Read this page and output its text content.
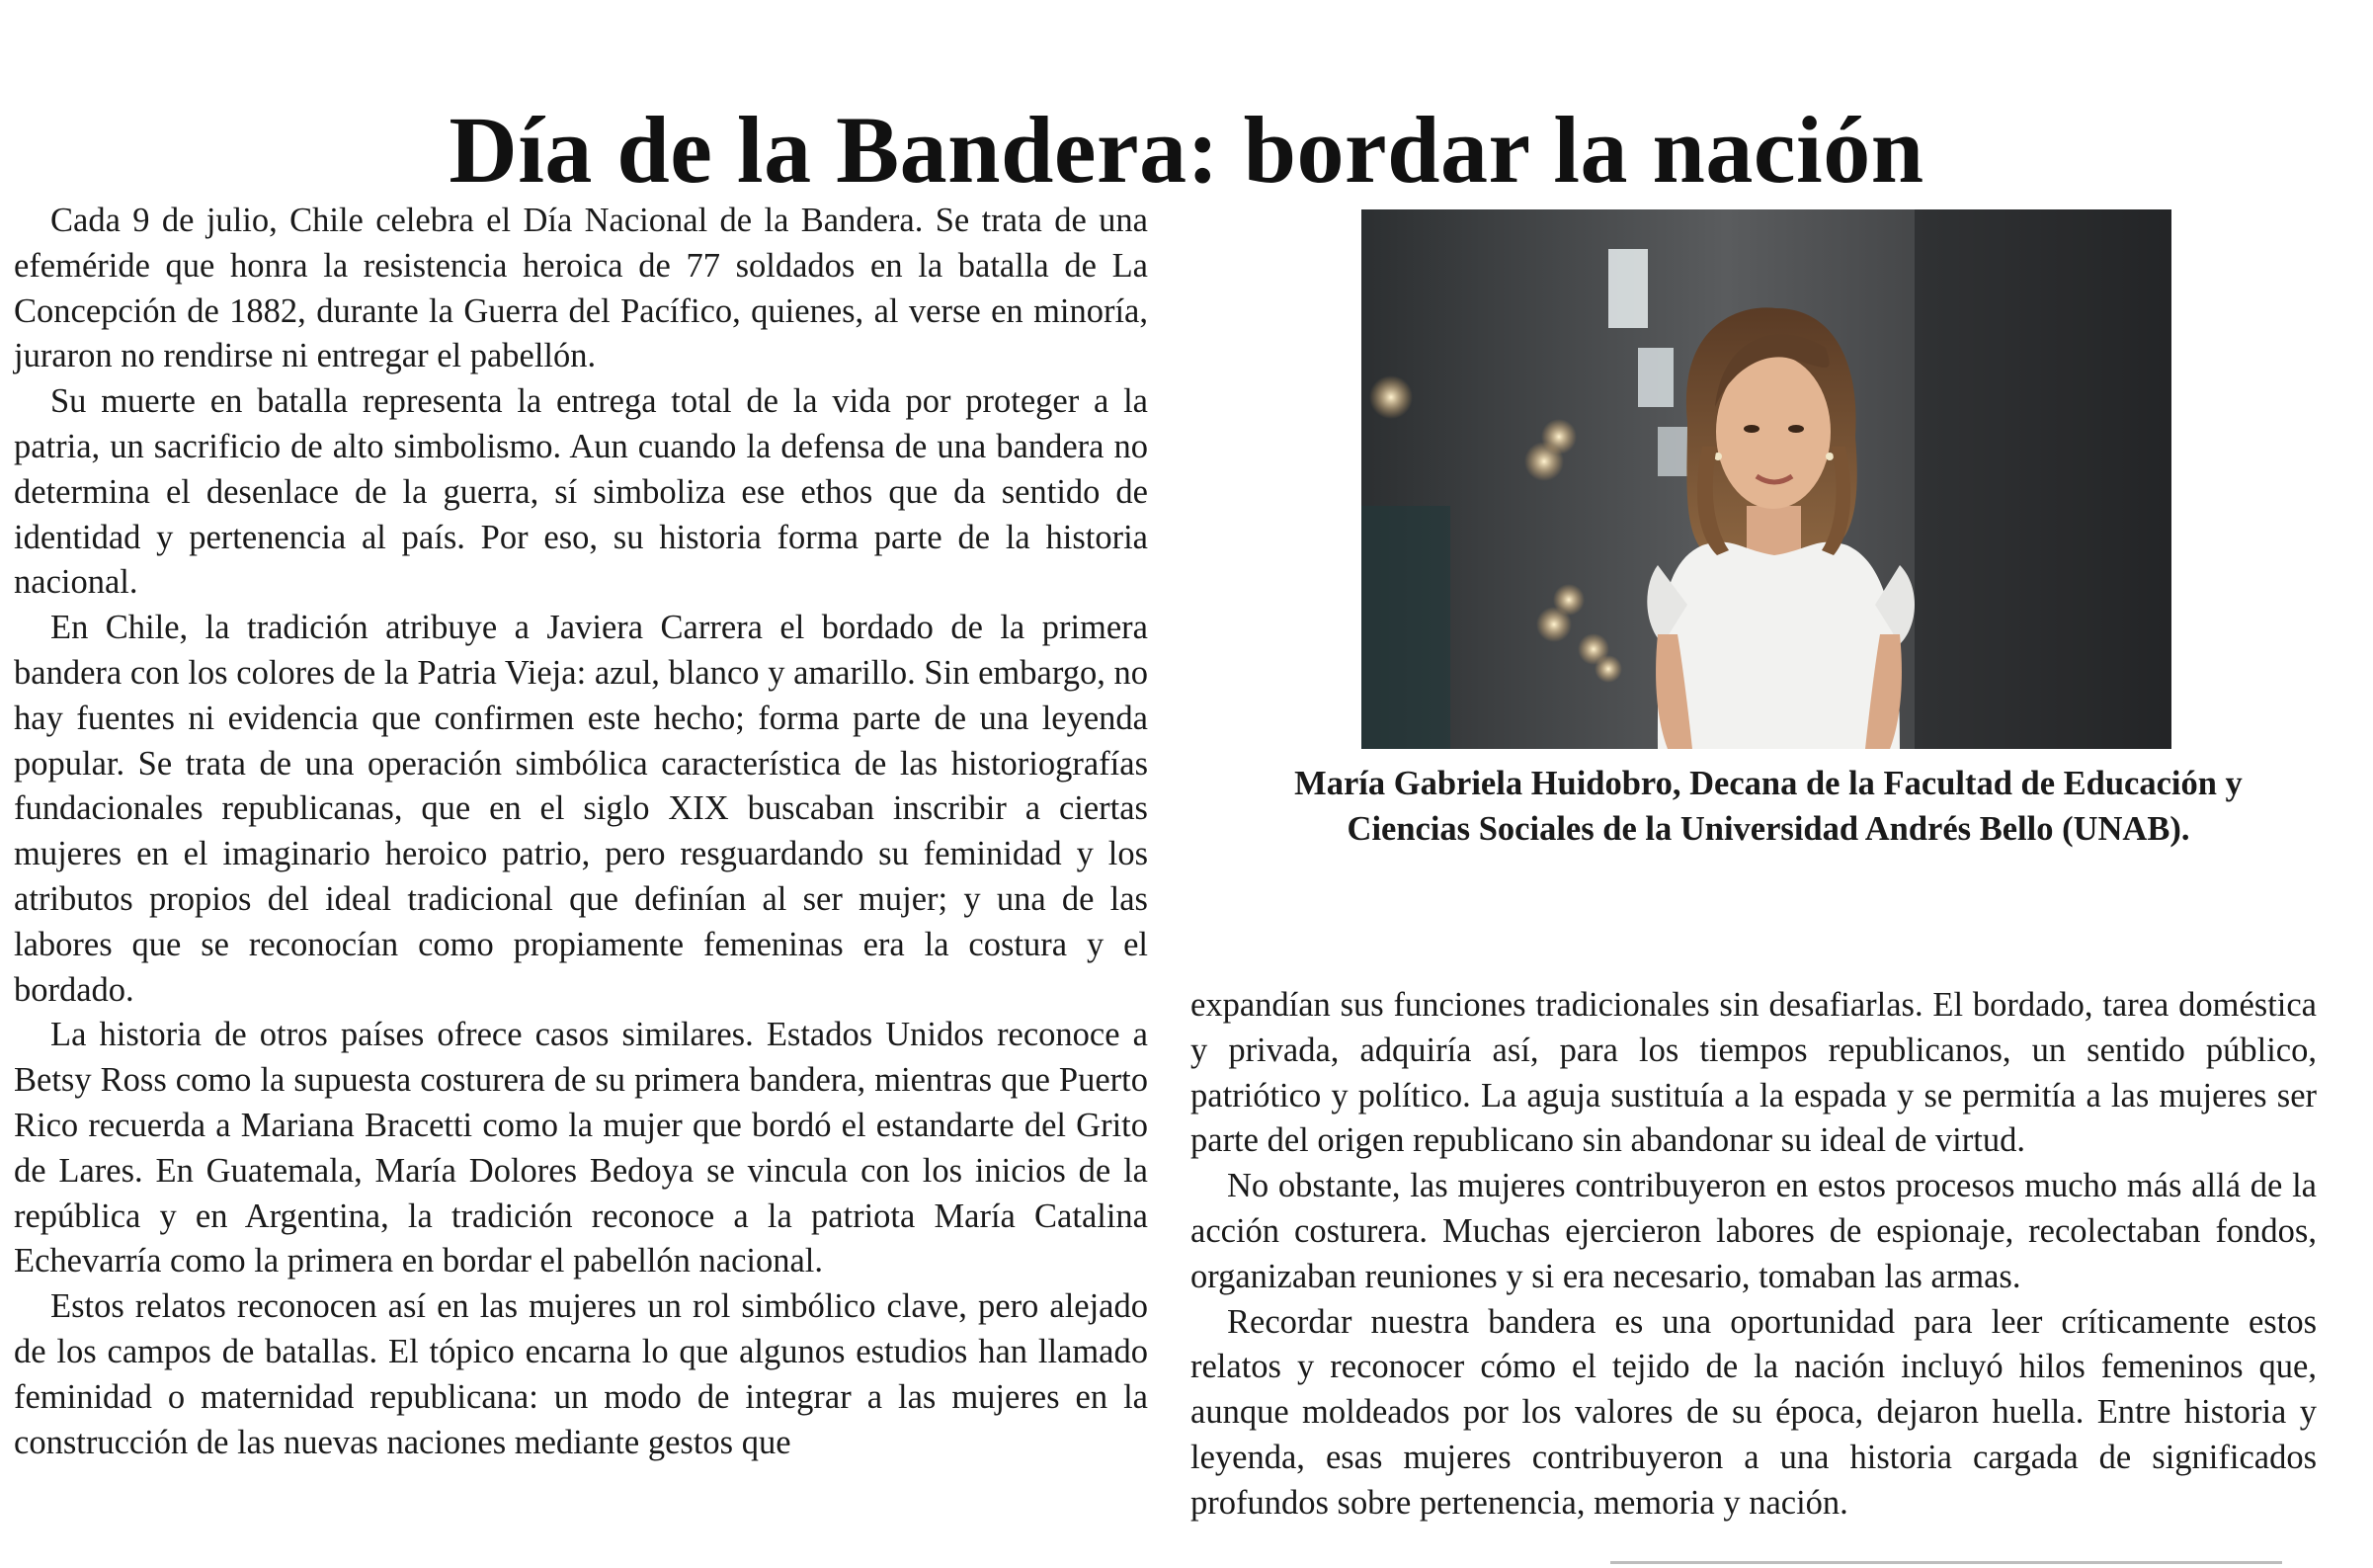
Día de la Bandera: bordar la nación

Cada 9 de julio, Chile celebra el Día Nacional de la Bandera. Se trata de una efeméride que honra la resistencia heroica de 77 soldados en la batalla de La Concepción de 1882, durante la Guerra del Pacífico, quienes, al verse en minoría, juraron no rendirse ni entregar el pabellón.

Su muerte en batalla representa la entrega total de la vida por proteger a la patria, un sacrificio de alto simbolismo. Aun cuando la defensa de una bandera no determina el desenlace de la guerra, sí simboliza ese ethos que da sentido de identidad y pertenencia al país. Por eso, su historia forma parte de la historia nacional.

En Chile, la tradición atribuye a Javiera Carrera el bordado de la primera bandera con los colores de la Patria Vieja: azul, blanco y amarillo. Sin embargo, no hay fuentes ni evidencia que confirmen este hecho; forma parte de una leyenda popular. Se trata de una operación simbólica característica de las historiografías fundacionales republicanas, que en el siglo XIX buscaban inscribir a ciertas mujeres en el imaginario heroico patrio, pero resguardando su feminidad y los atributos propios del ideal tradicional que definían al ser mujer; y una de las labores que se reconocían como propiamente femeninas era la costura y el bordado.

La historia de otros países ofrece casos similares. Estados Unidos reconoce a Betsy Ross como la supuesta costurera de su primera bandera, mientras que Puerto Rico recuerda a Mariana Bracetti como la mujer que bordó el estandarte del Grito de Lares. En Guatemala, María Dolores Bedoya se vincula con los inicios de la república y en Argentina, la tradición reconoce a la patriota María Catalina Echevarría como la primera en bordar el pabellón nacional.

Estos relatos reconocen así en las mujeres un rol simbólico clave, pero alejado de los campos de batallas. El tópico encarna lo que algunos estudios han llamado feminidad o maternidad republicana: un modo de integrar a las mujeres en la construcción de las nuevas naciones mediante gestos que

María Gabriela Huidobro, Decana de la Facultad de Educación y Ciencias Sociales de la Universidad Andrés Bello (UNAB).

expandían sus funciones tradicionales sin desafiarlas. El bordado, tarea doméstica y privada, adquiría así, para los tiempos republicanos, un sentido público, patriótico y político. La aguja sustituía a la espada y se permitía a las mujeres ser parte del origen republicano sin abandonar su ideal de virtud.

No obstante, las mujeres contribuyeron en estos procesos mucho más allá de la acción costurera. Muchas ejercieron labores de espionaje, recolectaban fondos, organizaban reuniones y si era necesario, tomaban las armas.

Recordar nuestra bandera es una oportunidad para leer críticamente estos relatos y reconocer cómo el tejido de la nación incluyó hilos femeninos que, aunque moldeados por los valores de su época, dejaron huella. Entre historia y leyenda, esas mujeres contribuyeron a una historia cargada de significados profundos sobre pertenencia, memoria y nación.
